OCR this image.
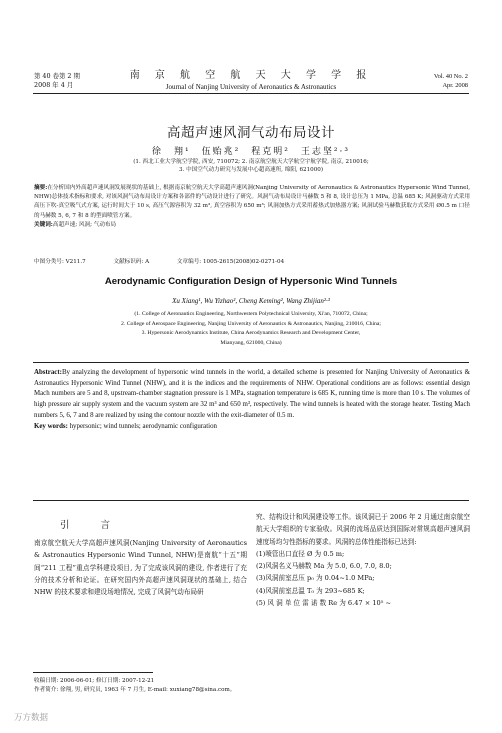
第 40 卷第 2 期
2008 年 4 月
南 京 航 空 航 天 大 学 学 报
Journal of Nanjing University of Aeronautics & Astronautics
Vol. 40 No. 2
Apr. 2008
高超声速风洞气动布局设计
徐　翔¹　伍贻兆²　程克明²　王志坚²·³
(1. 西北工业大学航空学院, 西安, 710072; 2. 南京航空航天大学航空宇航学院, 南京, 210016;
3. 中国空气动力研究与发展中心超高速所, 绵阳, 621000)
摘要:在分析国内外高超声速风洞发展现状的基础上, 根据南京航空航天大学高超声速风洞(Nanjing University of Aeronautics & Astronautics Hypersonic Wind Tunnel, NHW)总体技术指标和要求, 对该风洞气动布局设计方案和各部件的气动设计进行了研究。风洞气动布局设计马赫数 5 和 8, 设计总压为 1 MPa, 总温 685 K; 风洞驱动方式采用高压下吹-真空吸气式方案, 运行时间大于 10 s, 高压气源容积为 32 m³, 真空容积为 650 m³; 风洞加热方式采用蓄热式加热器方案; 风洞试验马赫数获取方式采用 Ø0.5 m 口径的马赫数 5, 6, 7 和 8 的型面喷管方案。
关键词:高超声速; 风洞; 气动布局
中图分类号: V211.7	文献标识码: A	文章编号: 1005-2615(2008)02-0271-04
Aerodynamic Configuration Design of Hypersonic Wind Tunnels
Xu Xiang¹, Wu Yizhao², Cheng Keming², Wang Zhijian²·³
(1. College of Aeronautics Engineering, Northwestern Polytechnical University, Xi'an, 710072, China;
2. College of Aerospace Engineering, Nanjing University of Aeronautics & Astronautics, Nanjing, 210016, China;
3. Hypersonic Aerodynamics Institute, China Aerodynamics Research and Development Center,
Mianyang, 621000, China)
Abstract:By analyzing the development of hypersonic wind tunnels in the world, a detailed scheme is presented for Nanjing University of Aeronautics & Astronautics Hypersonic Wind Tunnel (NHW), and it is the indices and the requirements of NHW. Operational conditions are as follows: essential design Mach numbers are 5 and 8, upstream-chamber stagnation pressure is 1 MPa, stagnation temperature is 685 K, running time is more than 10 s. The volumes of high pressure air supply system and the vacuum system are 32 m³ and 650 m³, respectively. The wind tunnels is heated with the storage heater. Testing Mach numbers 5, 6, 7 and 8 are realized by using the contour nozzle with the exit-diameter of 0.5 m.
Key words: hypersonic; wind tunnels; aerodynamic configuration
引 言
南京航空航天大学高超声速风洞(Nanjing University of Aeronautics & Astronautics Hypersonic Wind Tunnel, NHW)是南航“十五”期间“211 工程”重点学科建设项目, 为了完成该风洞的建设, 作者进行了充分的技术分析和论证。在研究国内外高超声速风洞现状的基础上, 结合 NHW 的技术要求和建设场地情况, 完成了风洞气动布局研
究、结构设计和风洞建设等工作。该风洞已于 2006 年 2 月通过南京航空航天大学组织的专家验收。风洞的流场品质达到国际对常规高超声速风洞速度场均匀性指标的要求。风洞的总体性能指标已达到:
(1)喷管出口直径 Ø 为 0.5 m;
(2)风洞名义马赫数 Ma 为 5.0, 6.0, 7.0, 8.0;
(3)风洞前室总压 p₀ 为 0.04~1.0 MPa;
(4)风洞前室总温 T₀ 为 293~685 K;
(5) 风 洞 单 位 雷 诺 数 Re 为 6.47 × 10⁵ ~
收稿日期: 2006-06-01; 修订日期: 2007-12-21
作者简介: 徐翔, 男, 研究员, 1963 年 7 月生, E-mail: xuxiang78@sina.com。
万方数据
